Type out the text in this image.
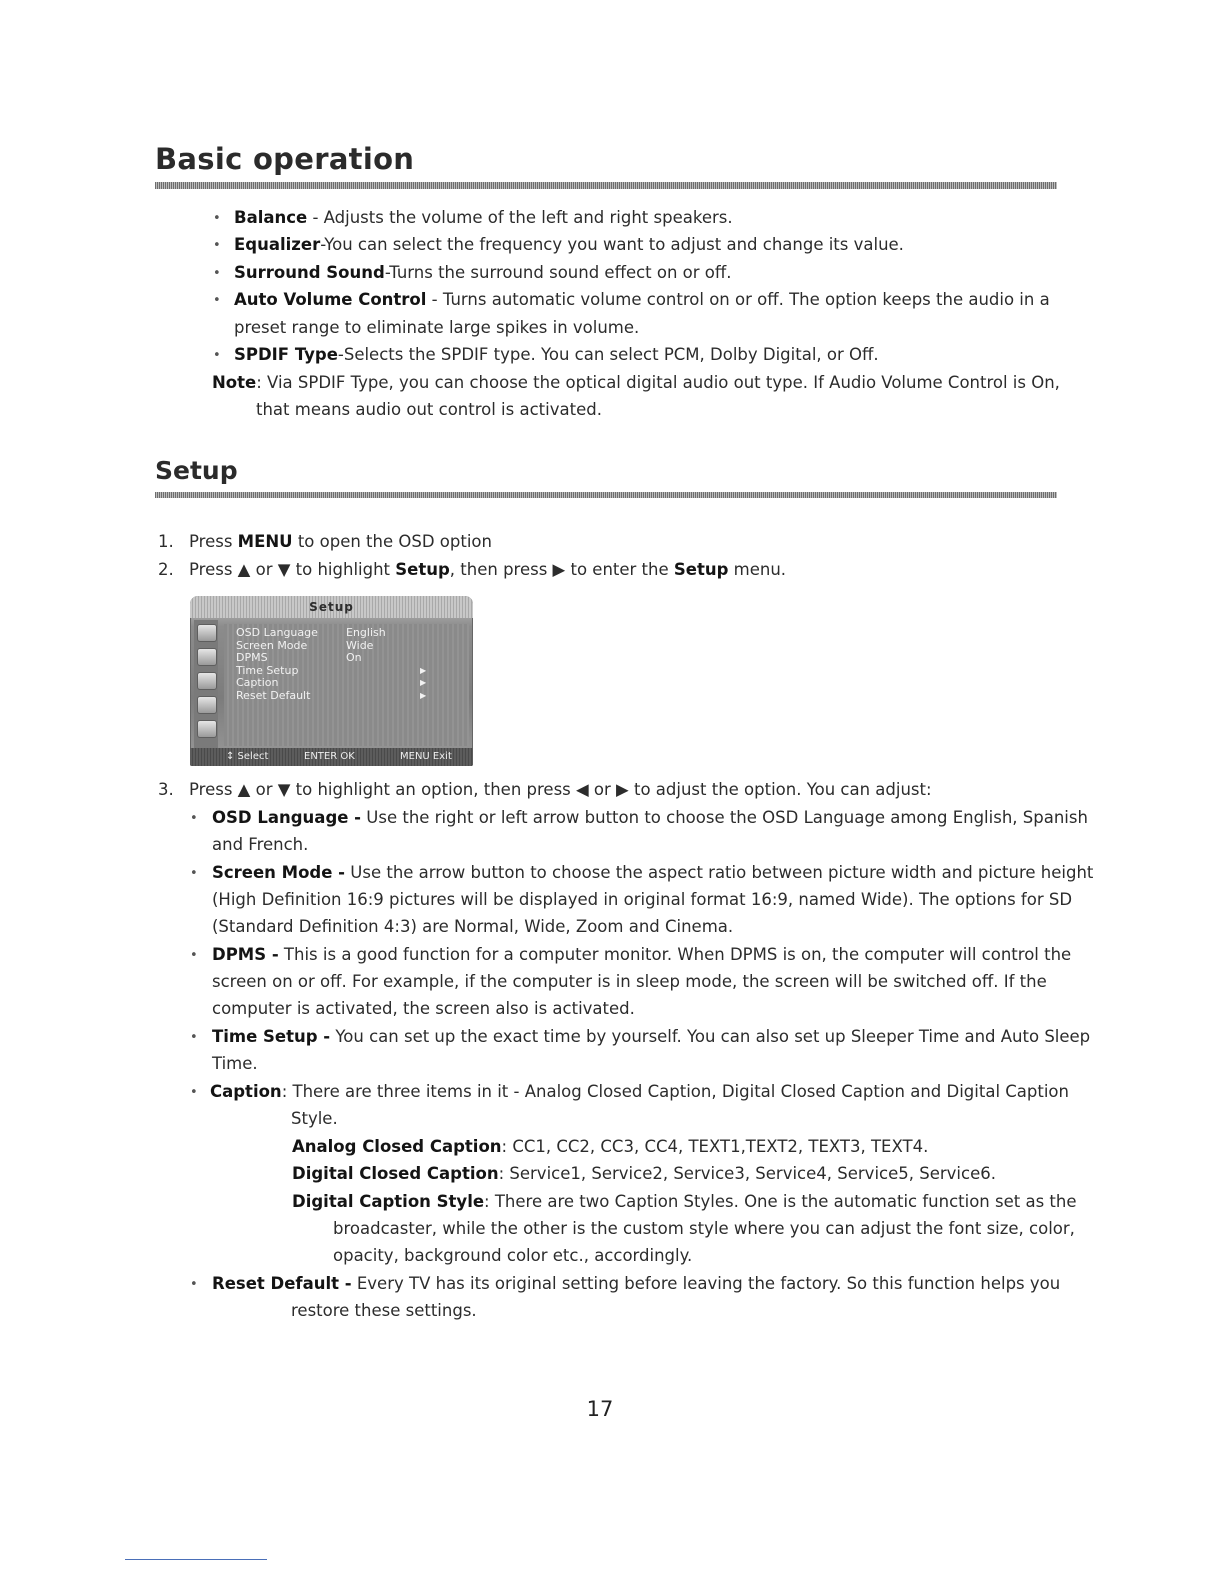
Basic operation
• Balance - Adjusts the volume of the left and right speakers.

• Equalizer-You can select the frequency you want to adjust and change its value.

• Surround Sound-Turns the surround sound effect on or off.

• Auto Volume Control - Turns automatic volume control on or off. The option keeps the audio in a

preset range to eliminate large spikes in volume.

• SPDIF Type-Selects the SPDIF type. You can select PCM, Dolby Digital, or Off.

Note: Via SPDIF Type, you can choose the optical digital audio out type. If Audio Volume Control is On,

that means audio out control is activated.

Setup

1. Press MENU to open the OSD option

2. Press ▲ or ▼ to highlight Setup, then press ▶ to enter the Setup menu.

Setup
OSD Language	English
Screen Mode	Wide
DPMS	On
Time Setup	▶
Caption	▶
Reset Default	▶
↕ Select	ENTER OK	MENU Exit

3. Press ▲ or ▼ to highlight an option, then press ◀ or ▶ to adjust the option. You can adjust:

• OSD Language - Use the right or left arrow button to choose the OSD Language among English, Spanish

and French.

• Screen Mode - Use the arrow button to choose the aspect ratio between picture width and picture height

(High Definition 16:9 pictures will be displayed in original format 16:9, named Wide). The options for SD

(Standard Definition 4:3) are Normal, Wide, Zoom and Cinema.

• DPMS - This is a good function for a computer monitor. When DPMS is on, the computer will control the

screen on or off. For example, if the computer is in sleep mode, the screen will be switched off. If the

computer is activated, the screen also is activated.

• Time Setup - You can set up the exact time by yourself. You can also set up Sleeper Time and Auto Sleep

Time.

• Caption: There are three items in it - Analog Closed Caption, Digital Closed Caption and Digital Caption

Style.

Analog Closed Caption: CC1, CC2, CC3, CC4, TEXT1,TEXT2, TEXT3, TEXT4.

Digital Closed Caption: Service1, Service2, Service3, Service4, Service5, Service6.

Digital Caption Style: There are two Caption Styles. One is the automatic function set as the

broadcaster, while the other is the custom style where you can adjust the font size, color,

opacity, background color etc., accordingly.

• Reset Default - Every TV has its original setting before leaving the factory. So this function helps you

restore these settings.

17
